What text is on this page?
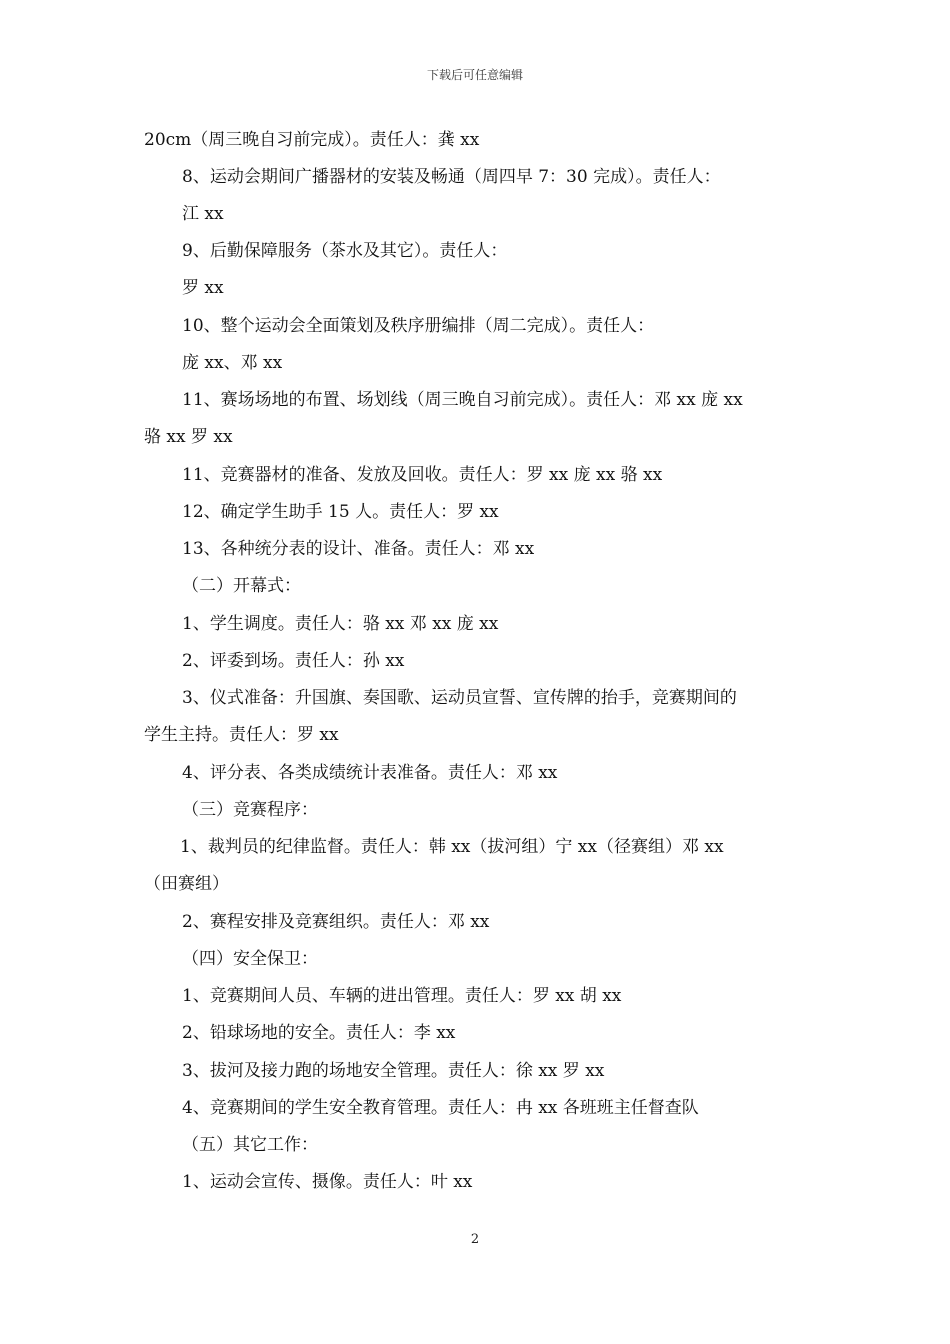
下载后可任意编辑
20cm（周三晚自习前完成）。责任人：龚 xx
8、运动会期间广播器材的安装及畅通（周四早 7：30 完成）。责任人：
江 xx
9、后勤保障服务（茶水及其它）。责任人：
罗 xx
10、整个运动会全面策划及秩序册编排（周二完成）。责任人：
庞 xx、邓 xx
11、赛场场地的布置、场划线（周三晚自习前完成）。责任人：邓 xx 庞 xx
骆 xx 罗 xx
11、竞赛器材的准备、发放及回收。责任人：罗 xx 庞 xx 骆 xx
12、确定学生助手 15 人。责任人：罗 xx
13、各种统分表的设计、准备。责任人：邓 xx
（二）开幕式：
1、学生调度。责任人：骆 xx 邓 xx 庞 xx
2、评委到场。责任人：孙 xx
3、仪式准备：升国旗、奏国歌、运动员宣誓、宣传牌的抬手，竞赛期间的
学生主持。责任人：罗 xx
4、评分表、各类成绩统计表准备。责任人：邓 xx
（三）竞赛程序：
1、裁判员的纪律监督。责任人：韩 xx（拔河组）宁 xx（径赛组）邓 xx
（田赛组）
2、赛程安排及竞赛组织。责任人：邓 xx
（四）安全保卫：
1、竞赛期间人员、车辆的进出管理。责任人：罗 xx 胡 xx
2、铅球场地的安全。责任人：李 xx
3、拔河及接力跑的场地安全管理。责任人：徐 xx 罗 xx
4、竞赛期间的学生安全教育管理。责任人：冉 xx 各班班主任督查队
（五）其它工作：
1、运动会宣传、摄像。责任人：叶 xx
2
